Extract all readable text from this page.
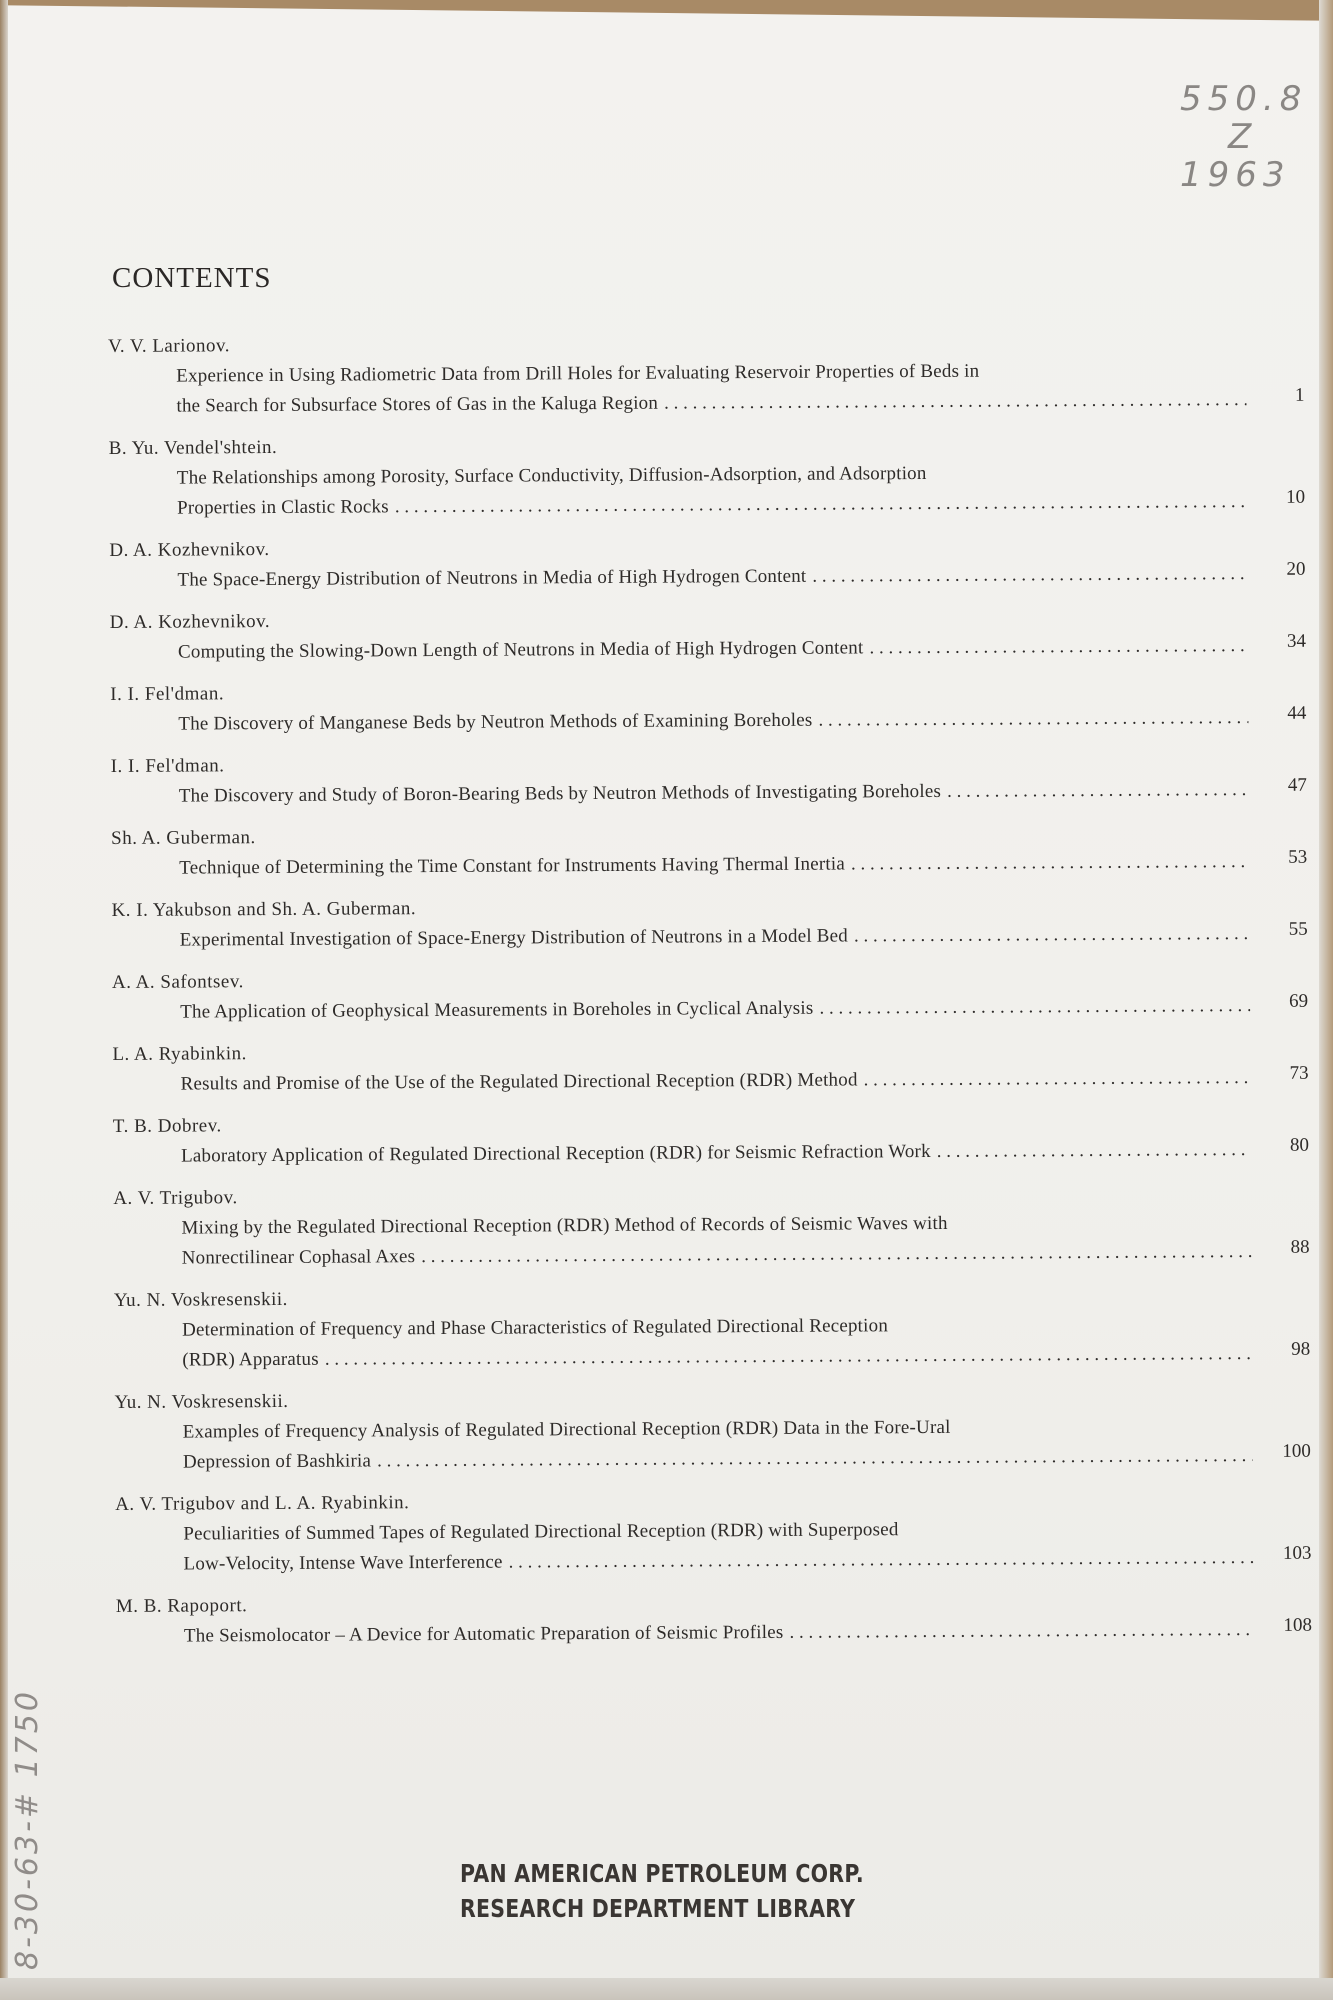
550.8
Z
1963
CONTENTS
V. V. Larionov.
Experience in Using Radiometric Data from Drill Holes for Evaluating Reservoir Properties of Beds in
the Search for Subsurface Stores of Gas in the Kaluga Region . . .	1
B. Yu. Vendel'shtein.
The Relationships among Porosity, Surface Conductivity, Diffusion-Adsorption, and Adsorption
Properties in Clastic Rocks . . .	10
D. A. Kozhevnikov.
The Space-Energy Distribution of Neutrons in Media of High Hydrogen Content . . .	20
D. A. Kozhevnikov.
Computing the Slowing-Down Length of Neutrons in Media of High Hydrogen Content . . .	34
I. I. Fel'dman.
The Discovery of Manganese Beds by Neutron Methods of Examining Boreholes . . .	44
I. I. Fel'dman.
The Discovery and Study of Boron-Bearing Beds by Neutron Methods of Investigating Boreholes . . .	47
Sh. A. Guberman.
Technique of Determining the Time Constant for Instruments Having Thermal Inertia . . .	53
K. I. Yakubson and Sh. A. Guberman.
Experimental Investigation of Space-Energy Distribution of Neutrons in a Model Bed . . .	55
A. A. Safontsev.
The Application of Geophysical Measurements in Boreholes in Cyclical Analysis . . .	69
L. A. Ryabinkin.
Results and Promise of the Use of the Regulated Directional Reception (RDR) Method . . .	73
T. B. Dobrev.
Laboratory Application of Regulated Directional Reception (RDR) for Seismic Refraction Work . . .	80
A. V. Trigubov.
Mixing by the Regulated Directional Reception (RDR) Method of Records of Seismic Waves with
Nonrectilinear Cophasal Axes . . .	88
Yu. N. Voskresenskii.
Determination of Frequency and Phase Characteristics of Regulated Directional Reception
(RDR) Apparatus . . .	98
Yu. N. Voskresenskii.
Examples of Frequency Analysis of Regulated Directional Reception (RDR) Data in the Fore-Ural
Depression of Bashkiria . . .	100
A. V. Trigubov and L. A. Ryabinkin.
Peculiarities of Summed Tapes of Regulated Directional Reception (RDR) with Superposed
Low-Velocity, Intense Wave Interference . . .	103
M. B. Rapoport.
The Seismolocator – A Device for Automatic Preparation of Seismic Profiles . . .	108
PAN AMERICAN PETROLEUM CORP.
RESEARCH DEPARTMENT LIBRARY
8-30-63-# 1750
